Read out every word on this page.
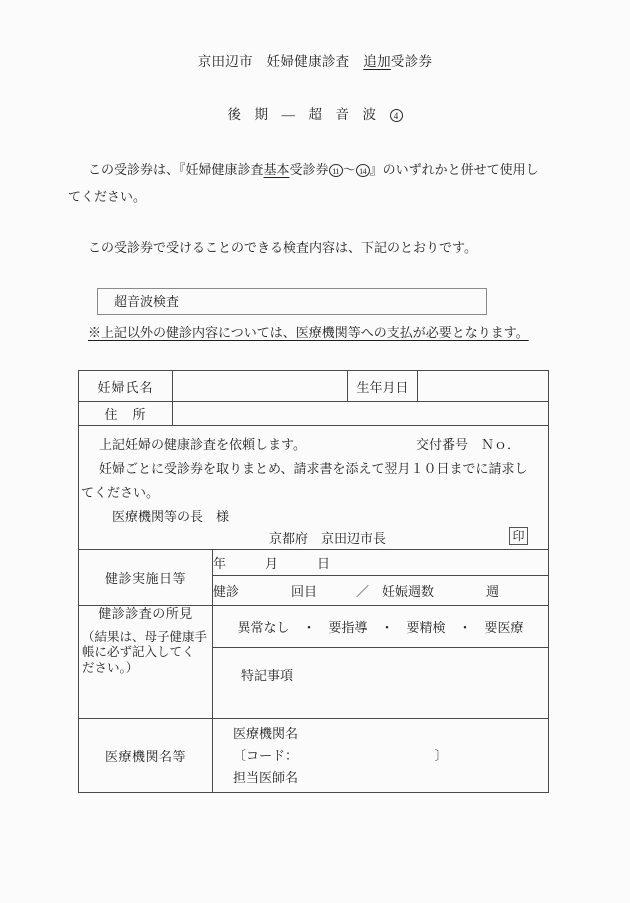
京田辺市　妊婦健康診査　追加受診券
後　期　―　超　音　波　4
この受診券は、『妊婦健康診査基本受診券 11 ～ 14 』のいずれかと併せて使用し
てください。
この受診券で受けることのできる検査内容は、下記のとおりです。
超音波検査
※上記以外の健診内容については、医療機関等への支払が必要となります。
妊婦氏名			生年月日	
住　所				

上記妊婦の健康診査を依頼します。	交付番号　Ｎｏ．
妊婦ごとに受診券を取りまとめ、請求書を添えて翌月１０日までに請求し
てください。
医療機関等の長　様
京都府　京田辺市長	印

健診実施日等		年　　　月　　　日		
		健診　　　　回目　　　／　妊娠週数　　　　週		

健診診査の所見
（結果は、母子健康手
帳に必ず記入してく
ださい。）		異常なし　・　要指導　・　要精検　・　要医療		
		特記事項		
医療機関名等		医療機関名
〔コード：　　　　　　　　　　　〕
担当医師名		
